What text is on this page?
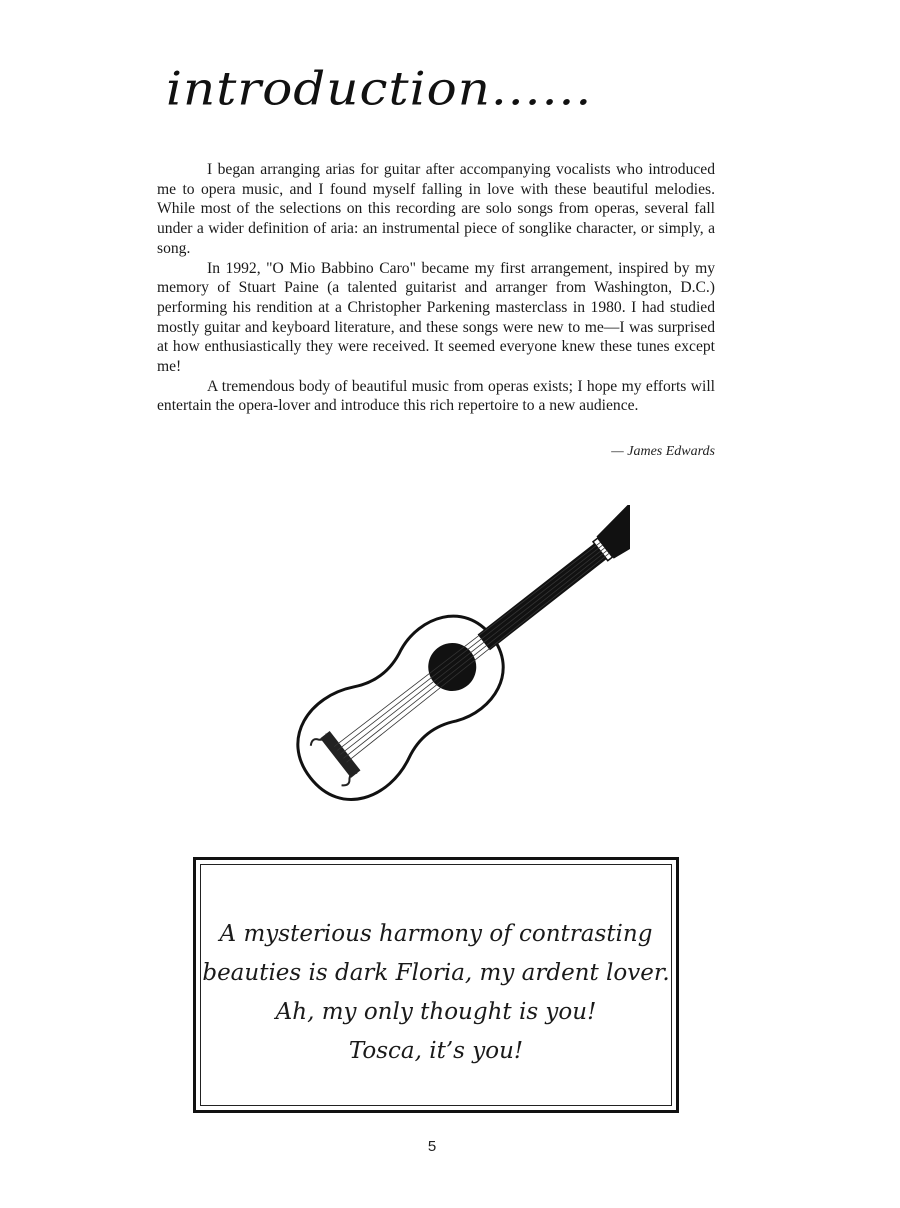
introduction......

I began arranging arias for guitar after accompanying vocalists who introduced me to opera music, and I found myself falling in love with these beautiful melodies. While most of the selections on this recording are solo songs from operas, several fall under a wider definition of aria: an instrumental piece of songlike character, or simply, a song.

In 1992, "O Mio Babbino Caro" became my first arrangement, inspired by my memory of Stuart Paine (a talented guitarist and arranger from Washington, D.C.) performing his rendition at a Christopher Parkening masterclass in 1980. I had studied mostly guitar and keyboard literature, and these songs were new to me—I was surprised at how enthusiastically they were received. It seemed everyone knew these tunes except me!

A tremendous body of beautiful music from operas exists; I hope my efforts will entertain the opera-lover and introduce this rich repertoire to a new audience.

— James Edwards
A mysterious harmony of contrasting
beauties is dark Floria, my ardent lover.
Ah, my only thought is you!
Tosca, it’s you!
5
